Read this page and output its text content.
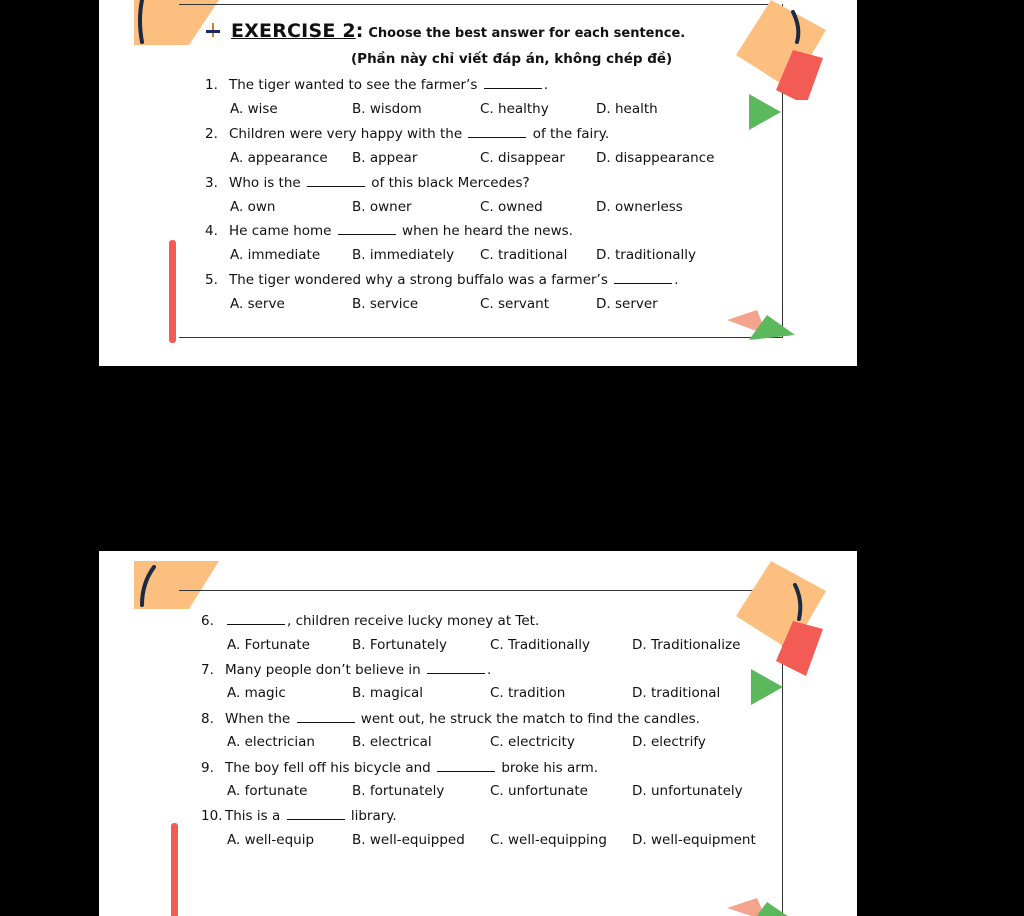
EXERCISE 2 : Choose the best answer for each sentence.
(Phần này chỉ viết đáp án, không chép đề)
1. The tiger wanted to see the farmer’s	.
A. wise	B. wisdom	C. healthy	D. health
2. Children were very happy with the	of the fairy.
A. appearance B. appear	C. disappear D. disappearance
3. Who is the	of this black Mercedes?
A. own	B. owner	C. owned	D. ownerless
4. He came home	when he heard the news.
A. immediate B. immediately C. traditional D. traditionally
5. The tiger wondered why a strong buffalo was a farmer’s	.
A. serve	B. service	C. servant	D. server
6.	, children receive lucky money at Tet.
A. Fortunate	B. Fortunately	C. Traditionally	D. Traditionalize
7. Many people don’t believe in	.
A. magic	B. magical	C. tradition	D. traditional
8. When the	went out, he struck the match to find the candles.
A. electrician	B. electrical	C. electricity	D. electrify
9. The boy fell off his bicycle and	broke his arm.
A. fortunate	B. fortunately	C. unfortunate	D. unfortunately
10. This is a	library.
A. well-equip	B. well-equipped C. well-equipping D. well-equipment
